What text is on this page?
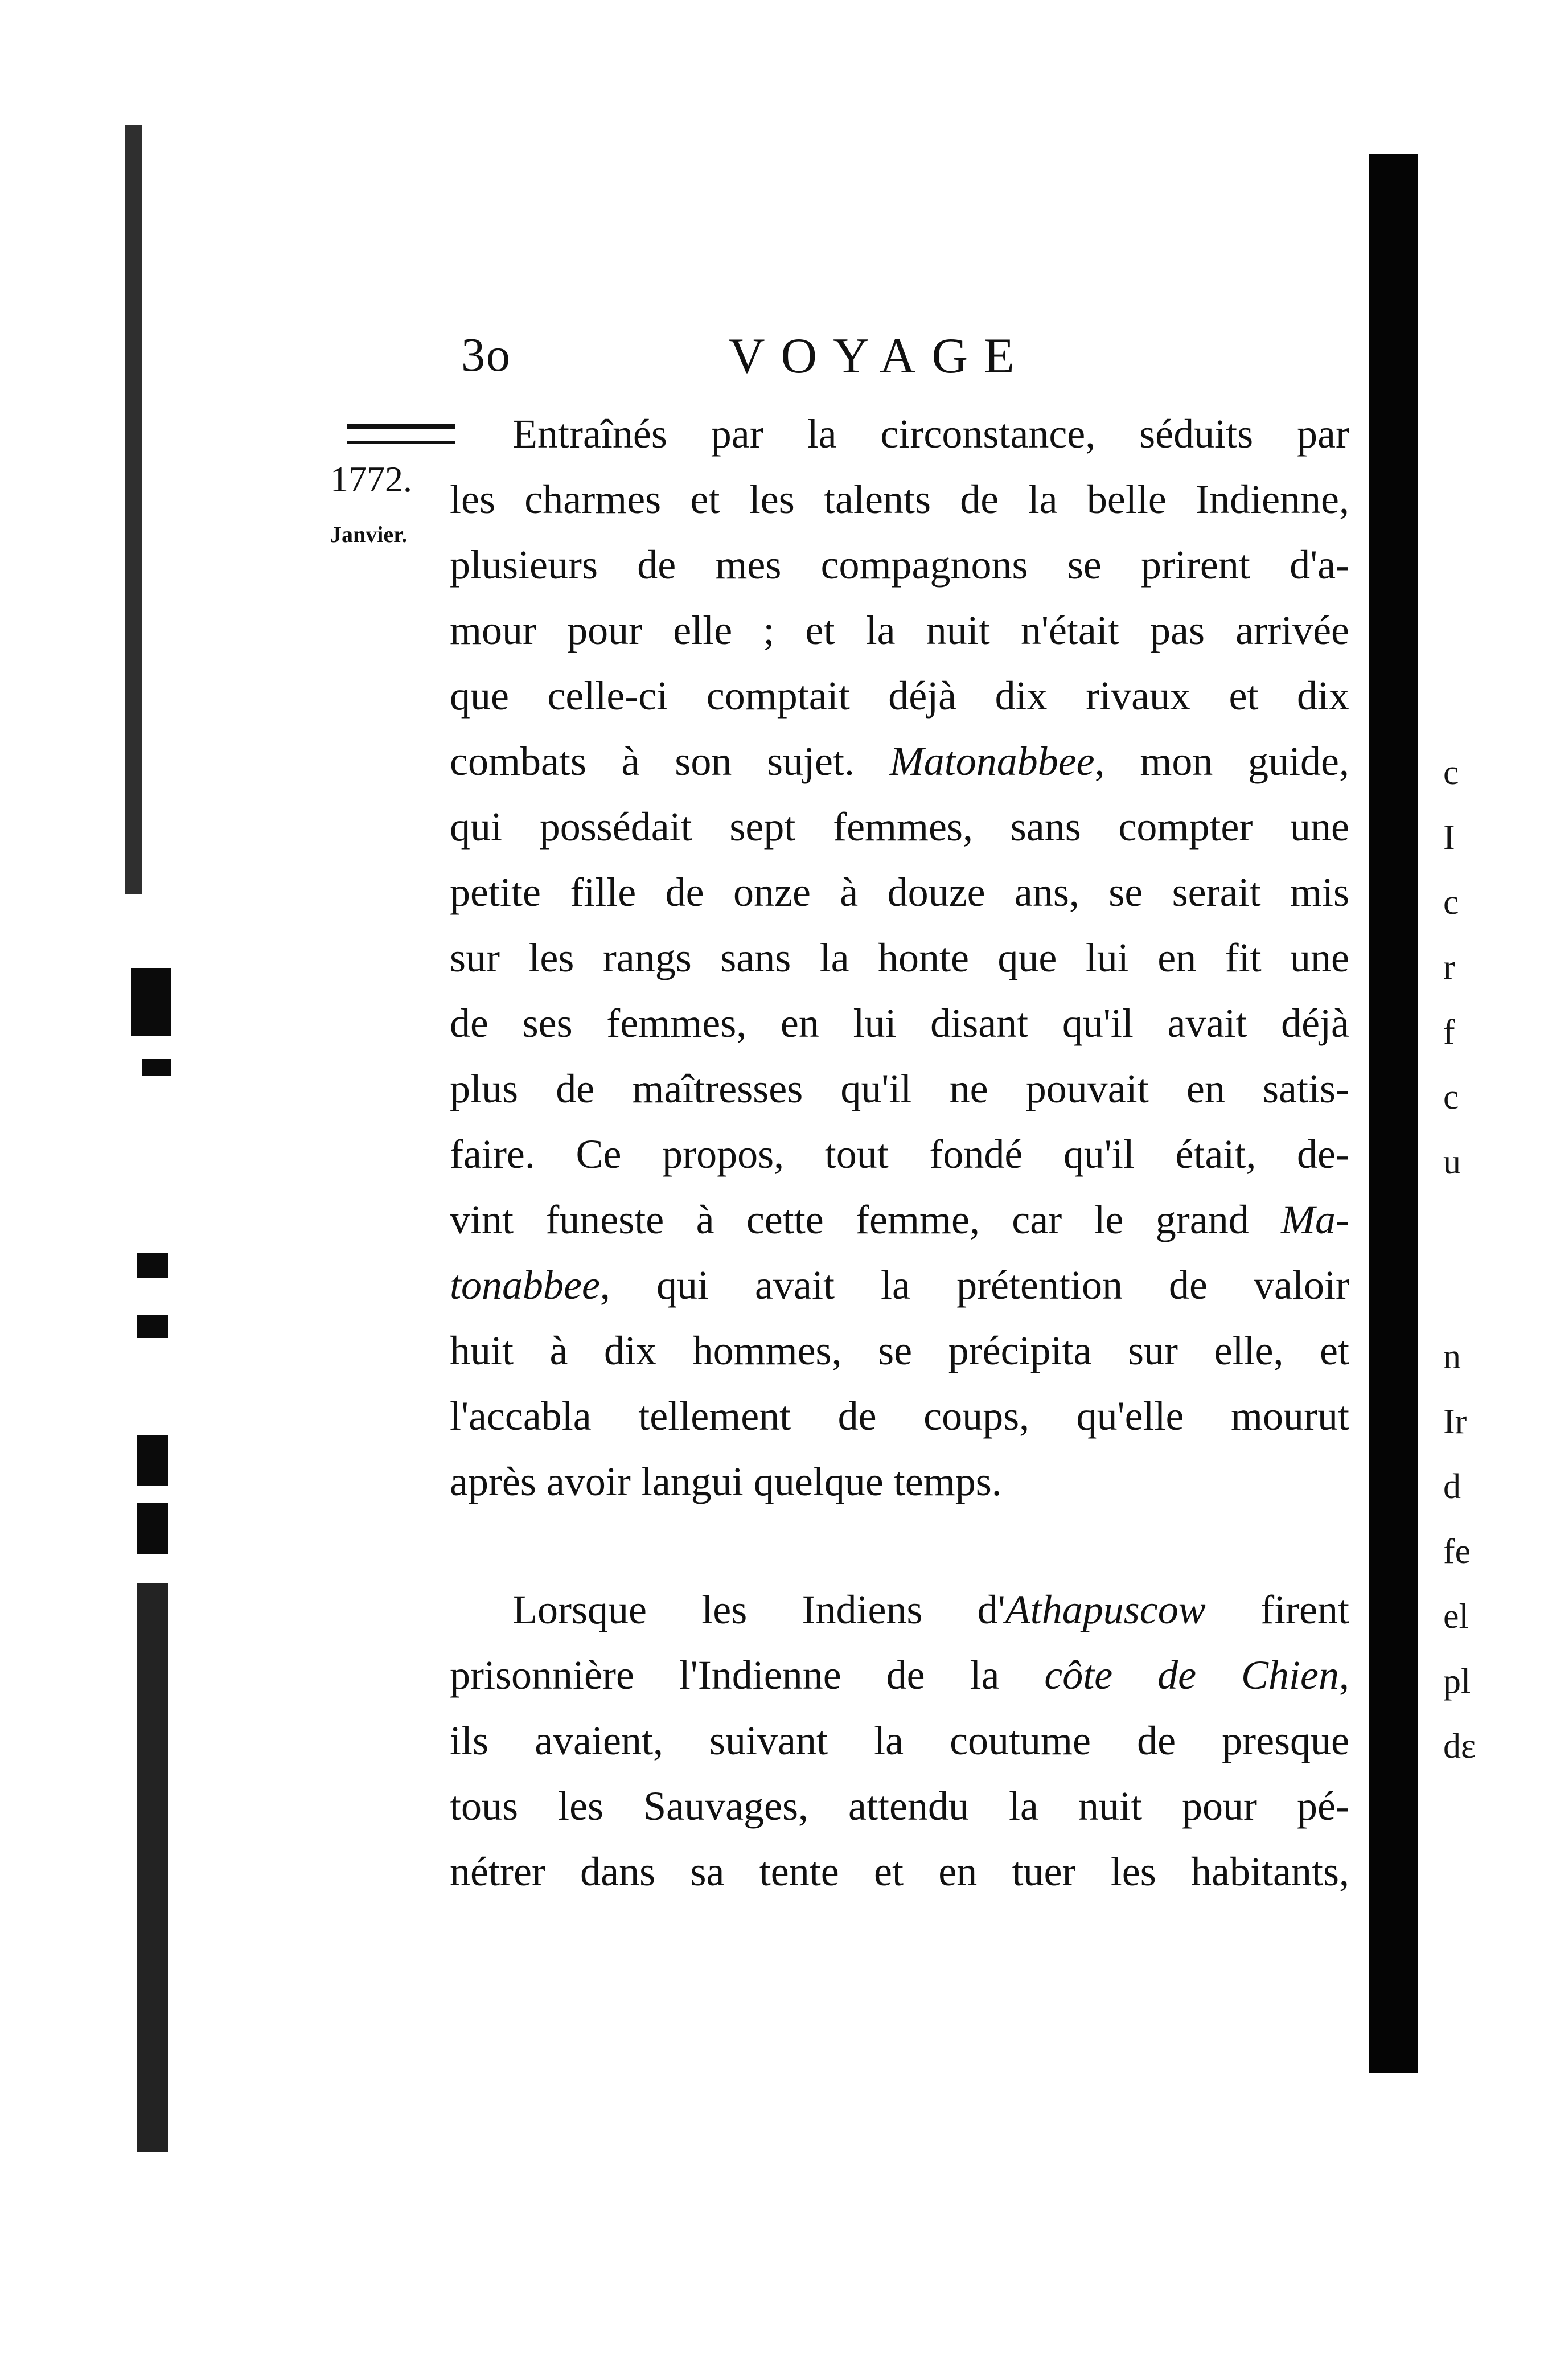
c
I
c
r
f
c
u
n
Ir
d
fe
el
pl
dɛ
3o	VOYAGE
1772.
Janvier.
Entraînés par la circonstance, séduits par
les charmes et les talents de la belle Indienne,
plusieurs de mes compagnons se prirent d'a-
mour pour elle ; et la nuit n'était pas arrivée
que celle-ci comptait déjà dix rivaux et dix
combats à son sujet. Matonabbee, mon guide,
qui possédait sept femmes, sans compter une
petite fille de onze à douze ans, se serait mis
sur les rangs sans la honte que lui en fit une
de ses femmes, en lui disant qu'il avait déjà
plus de maîtresses qu'il ne pouvait en satis-
faire. Ce propos, tout fondé qu'il était, de-
vint funeste à cette femme, car le grand Ma-
tonabbee, qui avait la prétention de valoir
huit à dix hommes, se précipita sur elle, et
l'accabla tellement de coups, qu'elle mourut
après avoir langui quelque temps.
Lorsque les Indiens d'Athapuscow firent
prisonnière l'Indienne de la côte de Chien,
ils avaient, suivant la coutume de presque
tous les Sauvages, attendu la nuit pour pé-
nétrer dans sa tente et en tuer les habitants,
